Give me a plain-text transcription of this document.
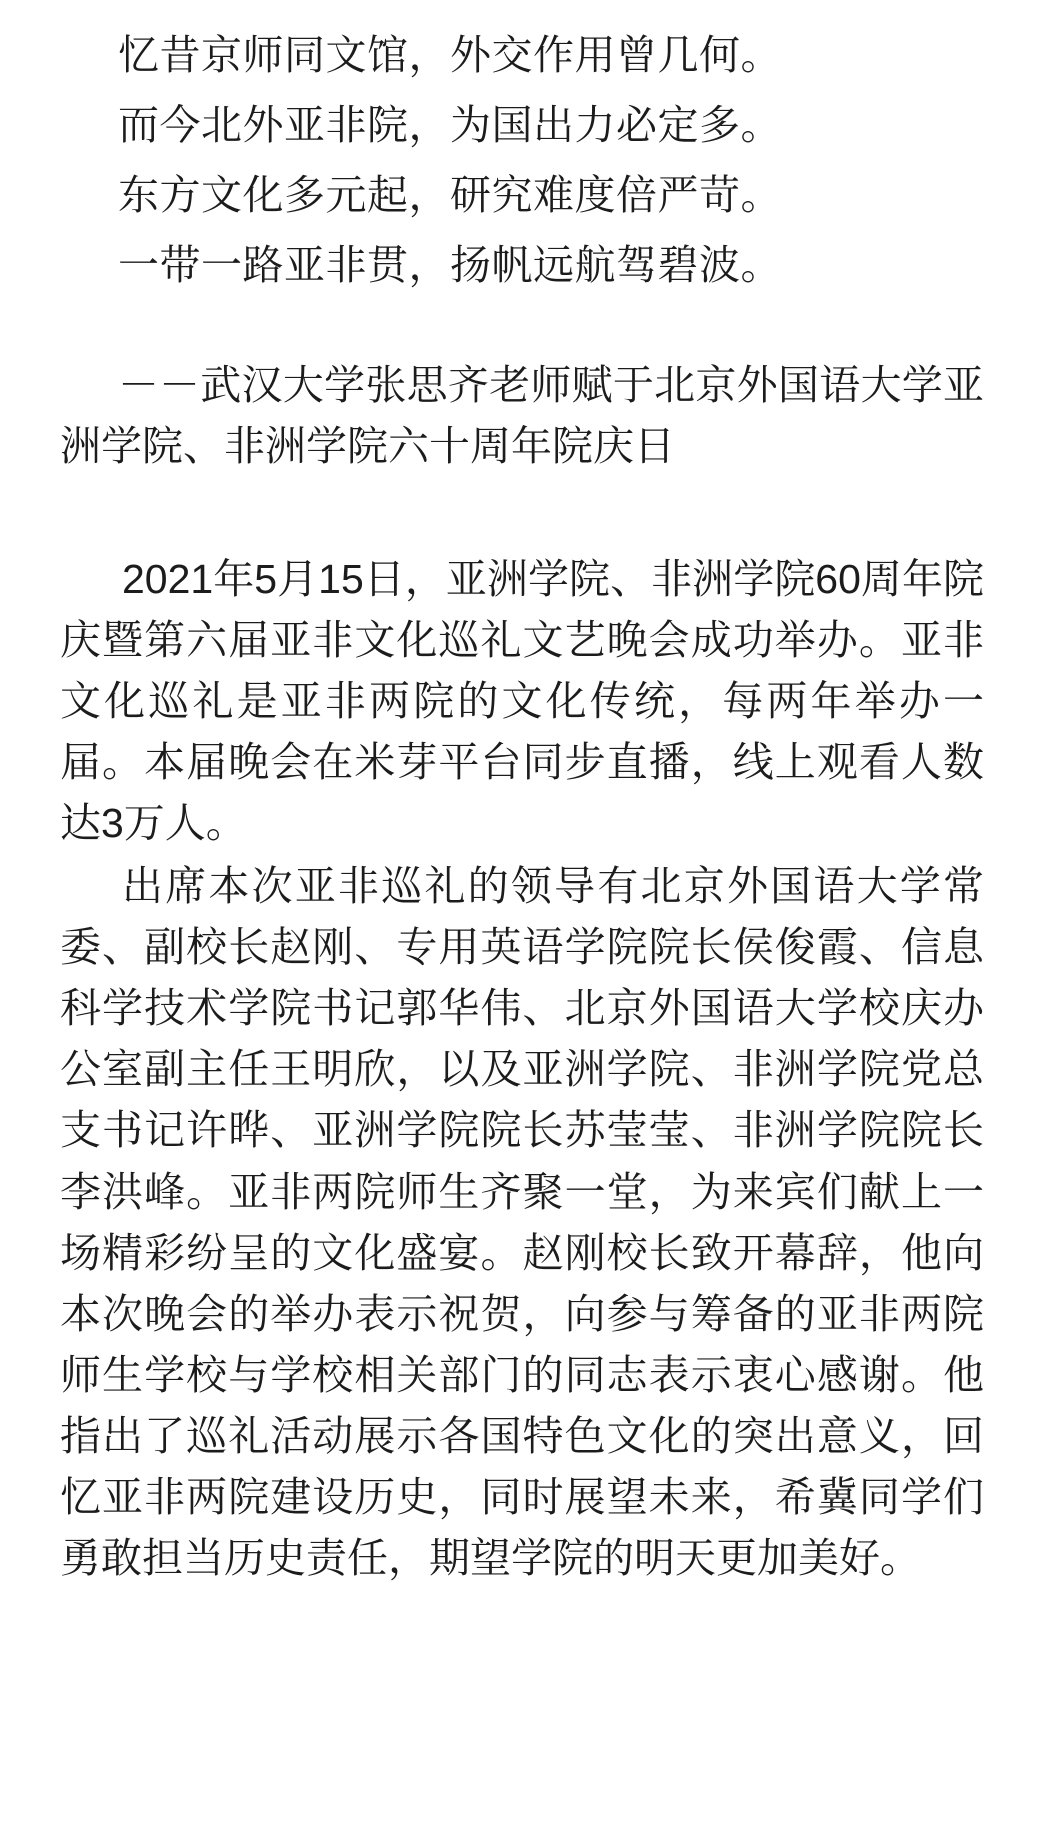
忆昔京师同文馆，外交作用曾几何。

而今北外亚非院，为国出力必定多。

东方文化多元起，研究难度倍严苛。

一带一路亚非贯，扬帆远航驾碧波。

－－武汉大学张思齐老师赋于北京外国语大学亚洲学院、非洲学院六十周年院庆日

2021年5月15日，亚洲学院、非洲学院60周年院庆暨第六届亚非文化巡礼文艺晚会成功举办。亚非文化巡礼是亚非两院的文化传统，每两年举办一届。本届晚会在米芽平台同步直播，线上观看人数达3万人。

出席本次亚非巡礼的领导有北京外国语大学常委、副校长赵刚、专用英语学院院长侯俊霞、信息科学技术学院书记郭华伟、北京外国语大学校庆办公室副主任王明欣，以及亚洲学院、非洲学院党总支书记许晔、亚洲学院院长苏莹莹、非洲学院院长李洪峰。亚非两院师生齐聚一堂，为来宾们献上一场精彩纷呈的文化盛宴。赵刚校长致开幕辞，他向本次晚会的举办表示祝贺，向参与筹备的亚非两院师生学校与学校相关部门的同志表示衷心感谢。他指出了巡礼活动展示各国特色文化的突出意义，回忆亚非两院建设历史，同时展望未来，希冀同学们勇敢担当历史责任，期望学院的明天更加美好。
